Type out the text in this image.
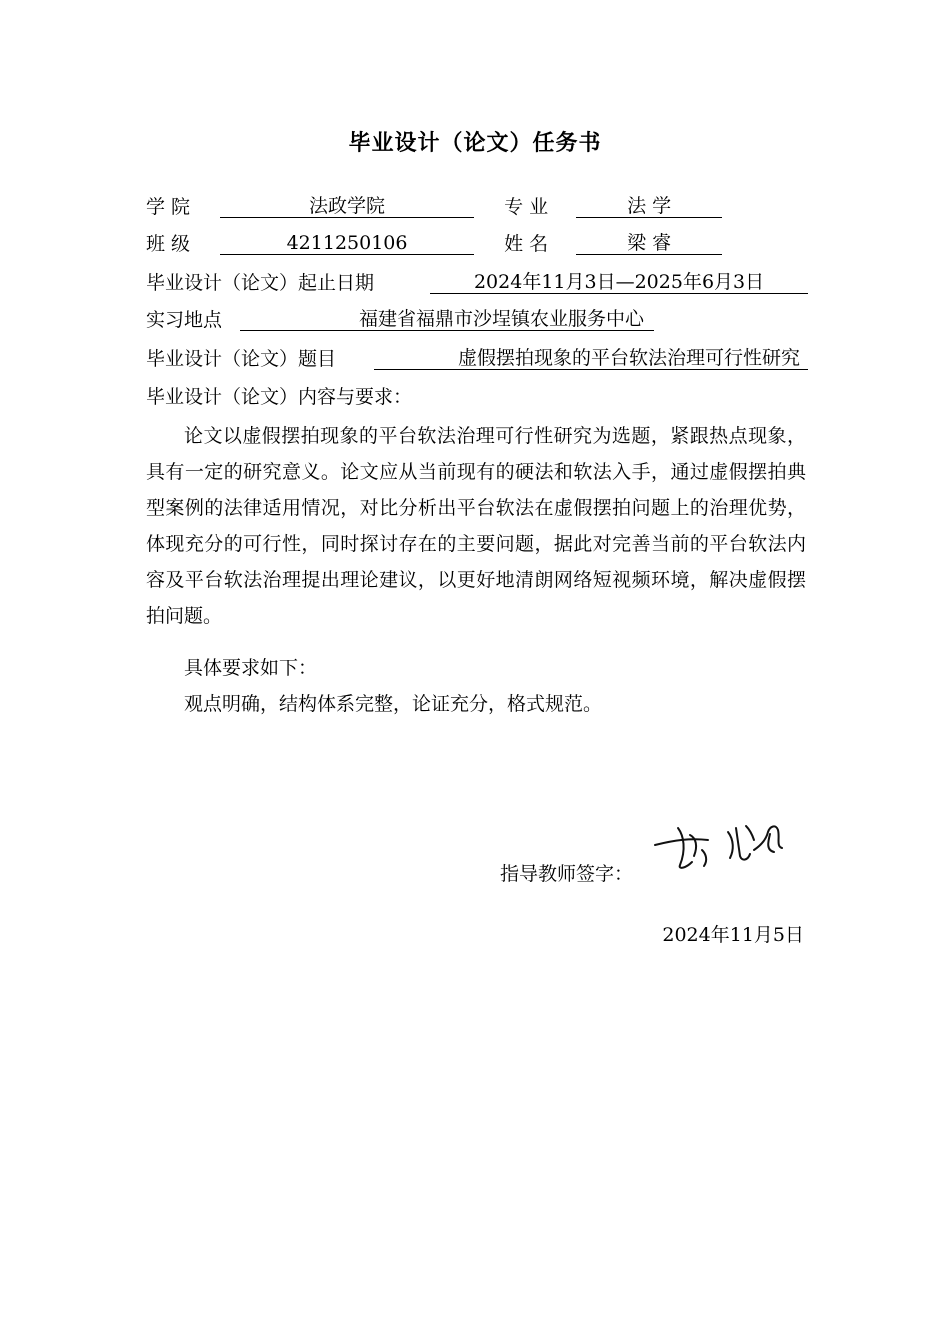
毕业设计（论文）任务书
学 院	法政学院	专 业	法 学
班 级	4211250106	姓 名	梁 睿
毕业设计（论文）起止日期	2024年11月3日—2025年6月3日
实习地点	福建省福鼎市沙埕镇农业服务中心
毕业设计（论文）题目	虚假摆拍现象的平台软法治理可行性研究
毕业设计（论文）内容与要求：

论文以虚假摆拍现象的平台软法治理可行性研究为选题，紧跟热点现象，具有一定的研究意义。论文应从当前现有的硬法和软法入手，通过虚假摆拍典型案例的法律适用情况，对比分析出平台软法在虚假摆拍问题上的治理优势，体现充分的可行性，同时探讨存在的主要问题，据此对完善当前的平台软法内容及平台软法治理提出理论建议，以更好地清朗网络短视频环境，解决虚假摆拍问题。

具体要求如下：

观点明确，结构体系完整，论证充分，格式规范。

指导教师签字：
2024年11月5日
